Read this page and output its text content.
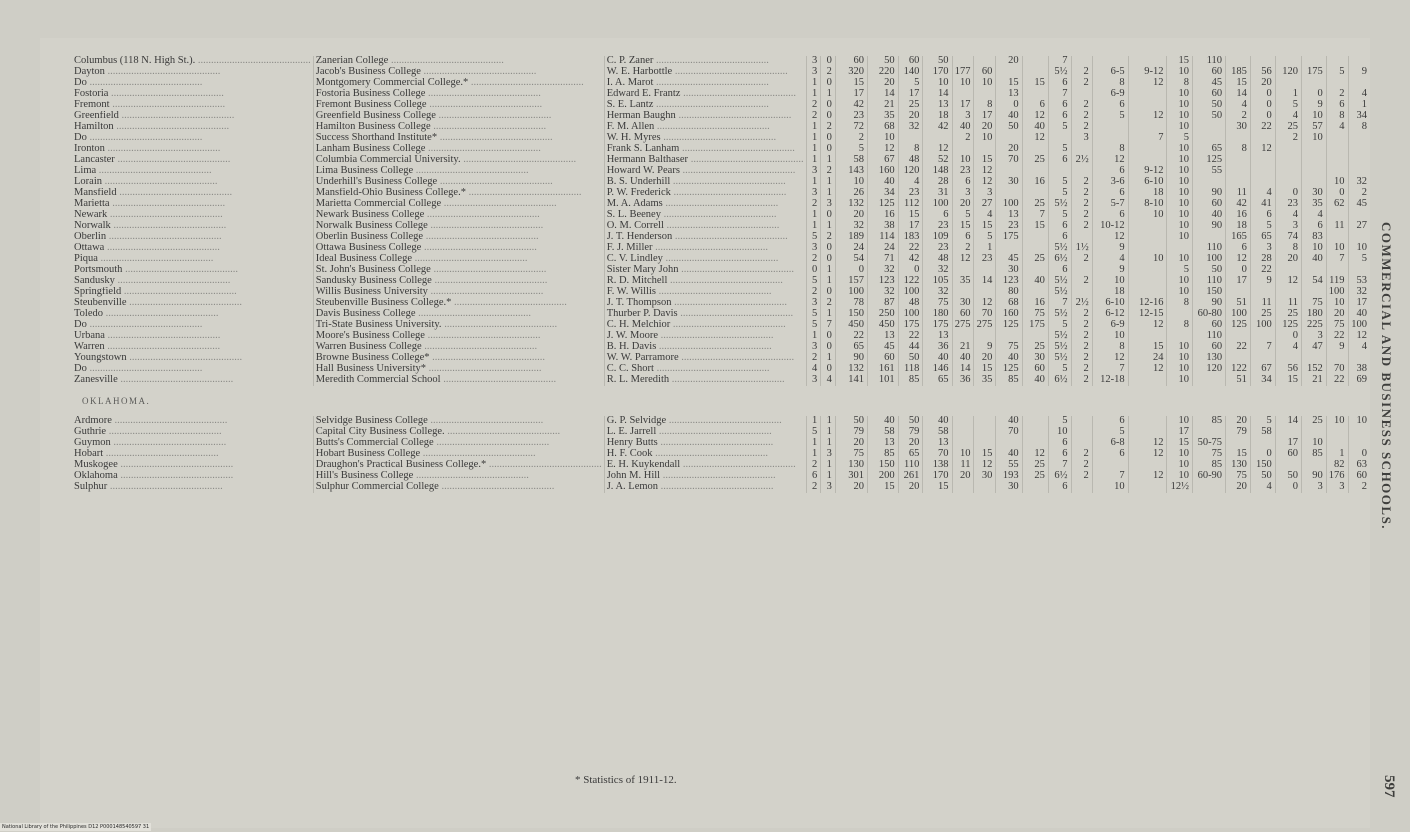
Columbus (118 N. High St.). .....	Zanerian College .....	C. P. Zaner .....	3	0	60	50	60	50			20		7				15	110						
Dayton .....	Jacob's Business College .....	W. E. Harbottle .....	3	2	320	220	140	170	177	60			5½	2	6-5	9-12	10	60	185	56	120	175	5	9
Do .....	Montgomery Commercial College.* .....	I. A. Marot .....	1	0	15	20	5	10	10	10	15	15	6	2	8	12	8	45	15	20				
Fostoria .....	Fostoria Business College .....	Edward E. Frantz .....	1	1	17	14	17	14			13		7		6-9		10	60	14	0	1	0	2	4
Fremont .....	Fremont Business College .....	S. E. Lantz .....	2	0	42	21	25	13	17	8	0	6	6	2	6		10	50	4	0	5	9	6	1
Greenfield .....	Greenfield Business College .....	Herman Baughn .....	2	0	23	35	20	18	3	17	40	12	6	2	5	12	10	50	2	0	4	10	8	34
Hamilton .....	Hamilton Business College .....	F. M. Allen .....	1	2	72	68	32	42	40	20	50	40	5	2			10		30	22	25	57	4	8
Do .....	Success Shorthand Institute* .....	W. H. Myres .....	1	0	2	10			2	10		12		3		7	5				2	10		
Ironton .....	Lanham Business College .....	Frank S. Lanham .....	1	0	5	12	8	12			20		5		8		10	65	8	12				
Lancaster .....	Columbia Commercial University. .....	Hermann Balthaser .....	1	1	58	67	48	52	10	15	70	25	6	2½	12		10	125						
Lima .....	Lima Business College .....	Howard W. Pears .....	3	2	143	160	120	148	23	12					6	9-12	10	55						
Lorain .....	Underhill's Business College .....	B. S. Underhill .....	1	1	10	40	4	28	6	12	30	16	5	2	3-6	6-10	10						10	32
Mansfield .....	Mansfield-Ohio Business College.* .....	P. W. Frederick .....	3	1	26	34	23	31	3	3			5	2	6	18	10	90	11	4	0	30	0	2
Marietta .....	Marietta Commercial College .....	M. A. Adams .....	2	3	132	125	112	100	20	27	100	25	5½	2	5-7	8-10	10	60	42	41	23	35	62	45
Newark .....	Newark Business College .....	S. L. Beeney .....	1	0	20	16	15	6	5	4	13	7	5	2	6	10	10	40	16	6	4	4		
Norwalk .....	Norwalk Business College .....	O. M. Correll .....	1	1	32	38	17	23	15	15	23	15	6	2	10-12		10	90	18	5	3	6	11	27
Oberlin .....	Oberlin Business College .....	J. T. Henderson .....	5	2	189	114	183	109	6	5	175		6		12		10		165	65	74	83		
Ottawa .....	Ottawa Business College .....	F. J. Miller .....	3	0	24	24	22	23	2	1			5½	1½	9			110	6	3	8	10	10	10
Piqua .....	Ideal Business College .....	C. V. Lindley .....	2	0	54	71	42	48	12	23	45	25	6½	2	4	10	10	100	12	28	20	40	7	5
Portsmouth .....	St. John's Business College .....	Sister Mary John .....	0	1	0	32	0	32			30		6		9		5	50	0	22				
Sandusky .....	Sandusky Business College .....	R. D. Mitchell .....	5	1	157	123	122	105	35	14	123	40	5½	2	10		10	110	17	9	12	54	119	53
Springfield .....	Willis Business University .....	F. W. Willis .....	2	0	100	32	100	32			80		5½		18		10	150					100	32
Steubenville .....	Steubenville Business College.* .....	J. T. Thompson .....	3	2	78	87	48	75	30	12	68	16	7	2½	6-10	12-16	8	90	51	11	11	75	10	17
Toledo .....	Davis Business College .....	Thurber P. Davis .....	5	1	150	250	100	180	60	70	160	75	5½	2	6-12	12-15		60-80	100	25	25	180	20	40
Do .....	Tri-State Business University. .....	C. H. Melchior .....	5	7	450	450	175	175	275	275	125	175	5	2	6-9	12	8	60	125	100	125	225	75	100
Urbana .....	Moore's Business College .....	J. W. Moore .....	1	0	22	13	22	13					5½	2	10			110			0	3	22	12
Warren .....	Warren Business College .....	B. H. Davis .....	3	0	65	45	44	36	21	9	75	25	5½	2	8	15	10	60	22	7	4	47	9	4
Youngstown .....	Browne Business College* .....	W. W. Parramore .....	2	1	90	60	50	40	40	20	40	30	5½	2	12	24	10	130						
Do .....	Hall Business University* .....	C. C. Short .....	4	0	132	161	118	146	14	15	125	60	5	2	7	12	10	120	122	67	56	152	70	38
Zanesville .....	Meredith Commercial School .....	R. L. Meredith .....	3	4	141	101	85	65	36	35	85	40	6½	2	12-18		10		51	34	15	21	22	69
OKLAHOMA.																								
Ardmore .....	Selvidge Business College .....	G. P. Selvidge .....	1	1	50	40	50	40			40		5		6		10	85	20	5	14	25	10	10
Guthrie .....	Capital City Business College. .....	L. E. Jarrell .....	5	1	79	58	79	58			70		10		5		17		79	58				
Guymon .....	Butts's Commercial College .....	Henry Butts .....	1	1	20	13	20	13					6		6-8	12	15	50-75			17	10		
Hobart .....	Hobart Business College .....	H. F. Cook .....	1	3	75	85	65	70	10	15	40	12	6	2	6	12	10	75	15	0	60	85	1	0
Muskogee .....	Draughon's Practical Business College.* .....	E. H. Kuykendall .....	2	1	130	150	110	138	11	12	55	25	7	2			10	85	130	150			82	63
Oklahoma .....	Hill's Business College .....	John M. Hill .....	6	1	301	200	261	170	20	30	193	25	6½	2	7	12	10	60-90	75	50	50	90	176	60
Sulphur .....	Sulphur Commercial College .....	J. A. Lemon .....	2	3	20	15	20	15			30		6		10		12½		20	4	0	3	3	2
* Statistics of 1911-12.
COMMERCIAL AND BUSINESS SCHOOLS.
597
National Library of the Philippines D12 P000148540597 31
